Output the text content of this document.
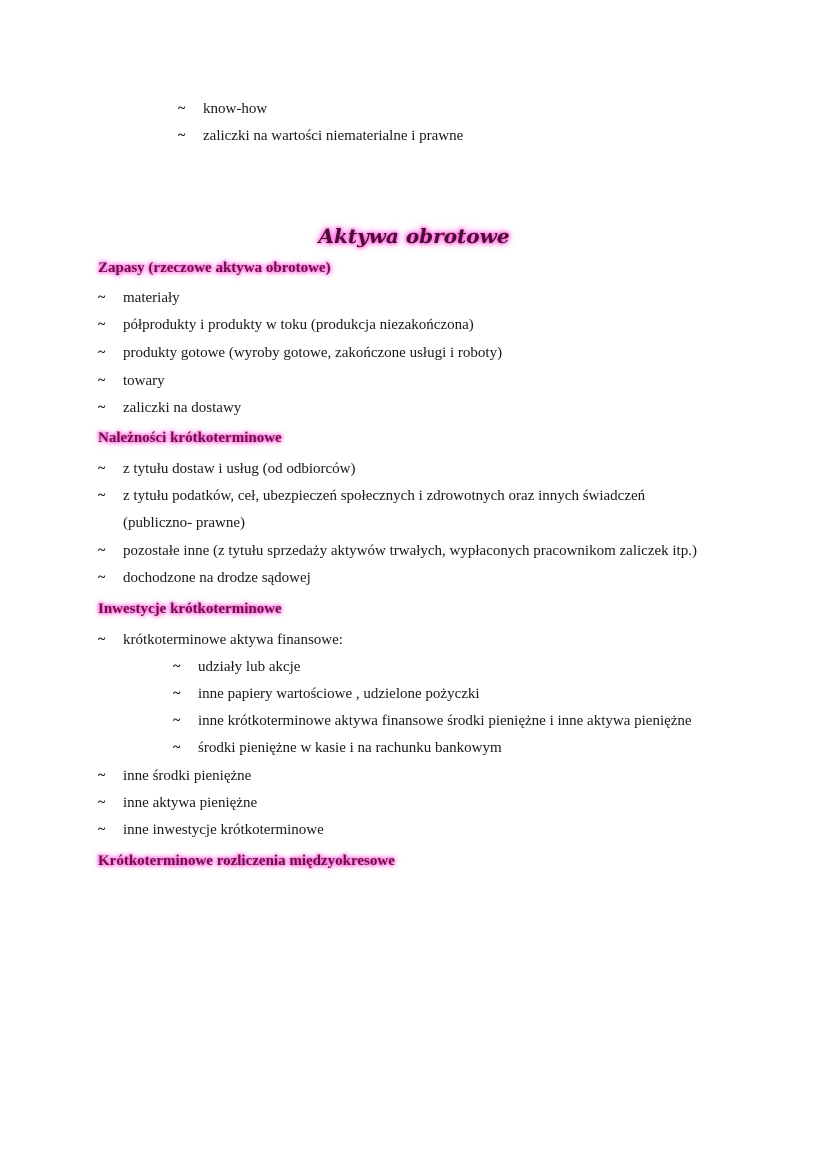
~ know-how
~ zaliczki na wartości niematerialne i prawne
Aktywa obrotowe
Zapasy (rzeczowe aktywa obrotowe)
~ materiały
~ półprodukty i produkty w toku (produkcja niezakończona)
~ produkty gotowe (wyroby gotowe, zakończone usługi i roboty)
~ towary
~ zaliczki na dostawy
Należności krótkoterminowe
~ z tytułu dostaw i usług (od odbiorców)
~ z tytułu podatków, ceł, ubezpieczeń społecznych i zdrowotnych oraz innych świadczeń
(publiczno- prawne)
~ pozostałe inne (z tytułu sprzedaży aktywów trwałych, wypłaconych pracownikom zaliczek itp.)
~ dochodzone na drodze sądowej
Inwestycje krótkoterminowe
~ krótkoterminowe aktywa finansowe:
~ udziały lub akcje
~ inne papiery wartościowe , udzielone pożyczki
~ inne krótkoterminowe aktywa finansowe środki pieniężne i inne aktywa pieniężne
~ środki pieniężne w kasie i na rachunku bankowym
~ inne środki pieniężne
~ inne aktywa pieniężne
~ inne inwestycje krótkoterminowe
Krótkoterminowe rozliczenia międzyokresowe
